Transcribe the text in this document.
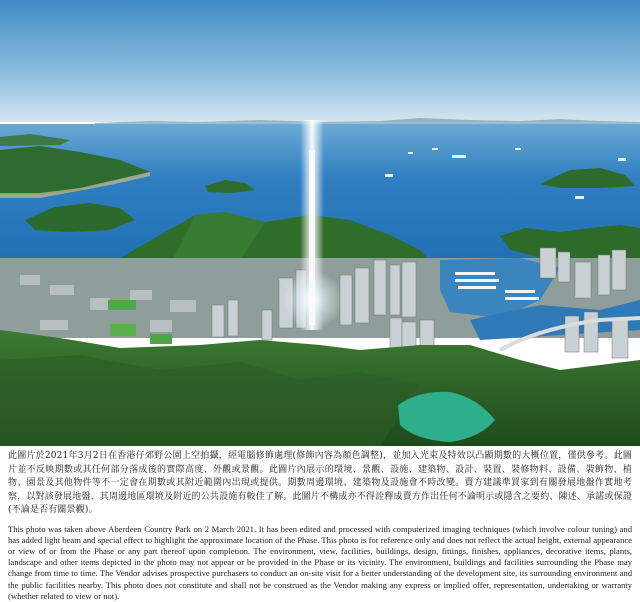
此圖片於2021年3月2日在香港仔郊野公園上空拍攝，經電腦修飾處理(修飾內容為顏色調整)，並加入光束及特效以凸顯期數的大概位置，僅供參考。此圖片並不反映期數或其任何部分落成後的實際高度、外觀或景觀。此圖片內展示的環境、景觀、設施、建築物、設計、裝置、裝修物料、設備、裝飾物、植物、園景及其他物件等不一定會在期數或其附近範圍內出現或提供。期數周邊環境、建築物及設施會不時改變。賣方建議準買家到有關發展地盤作實地考察，以對該發展地盤、其周邊地區環境及附近的公共設施有較佳了解。此圖片不構成亦不得詮釋成賣方作出任何不論明示或隱含之要約、陳述、承諾或保證(不論是否有關景觀)。

This photo was taken above Aberdeen Country Park on 2 March 2021. It has been edited and processed with computerized imaging techniques (which involve colour tuning) and has added light beam and special effect to highlight the approximate location of the Phase. This photo is for reference only and does not reflect the actual height, external appearance or view of or from the Phase or any part thereof upon completion. The environment, view, facilities, buildings, design, fittings, finishes, appliances, decorative items, plants, landscape and other items depicted in the photo may not appear or be provided in the Phase or its vicinity. The environment, buildings and facilities surrounding the Phase may change from time to time. The Vendor advises prospective purchasers to conduct an on-site visit for a better understanding of the development site, its surrounding environment and the public facilities nearby. This photo does not constitute and shall not be construed as the Vendor making any express or implied offer, representation, undertaking or warranty (whether related to view or not).
